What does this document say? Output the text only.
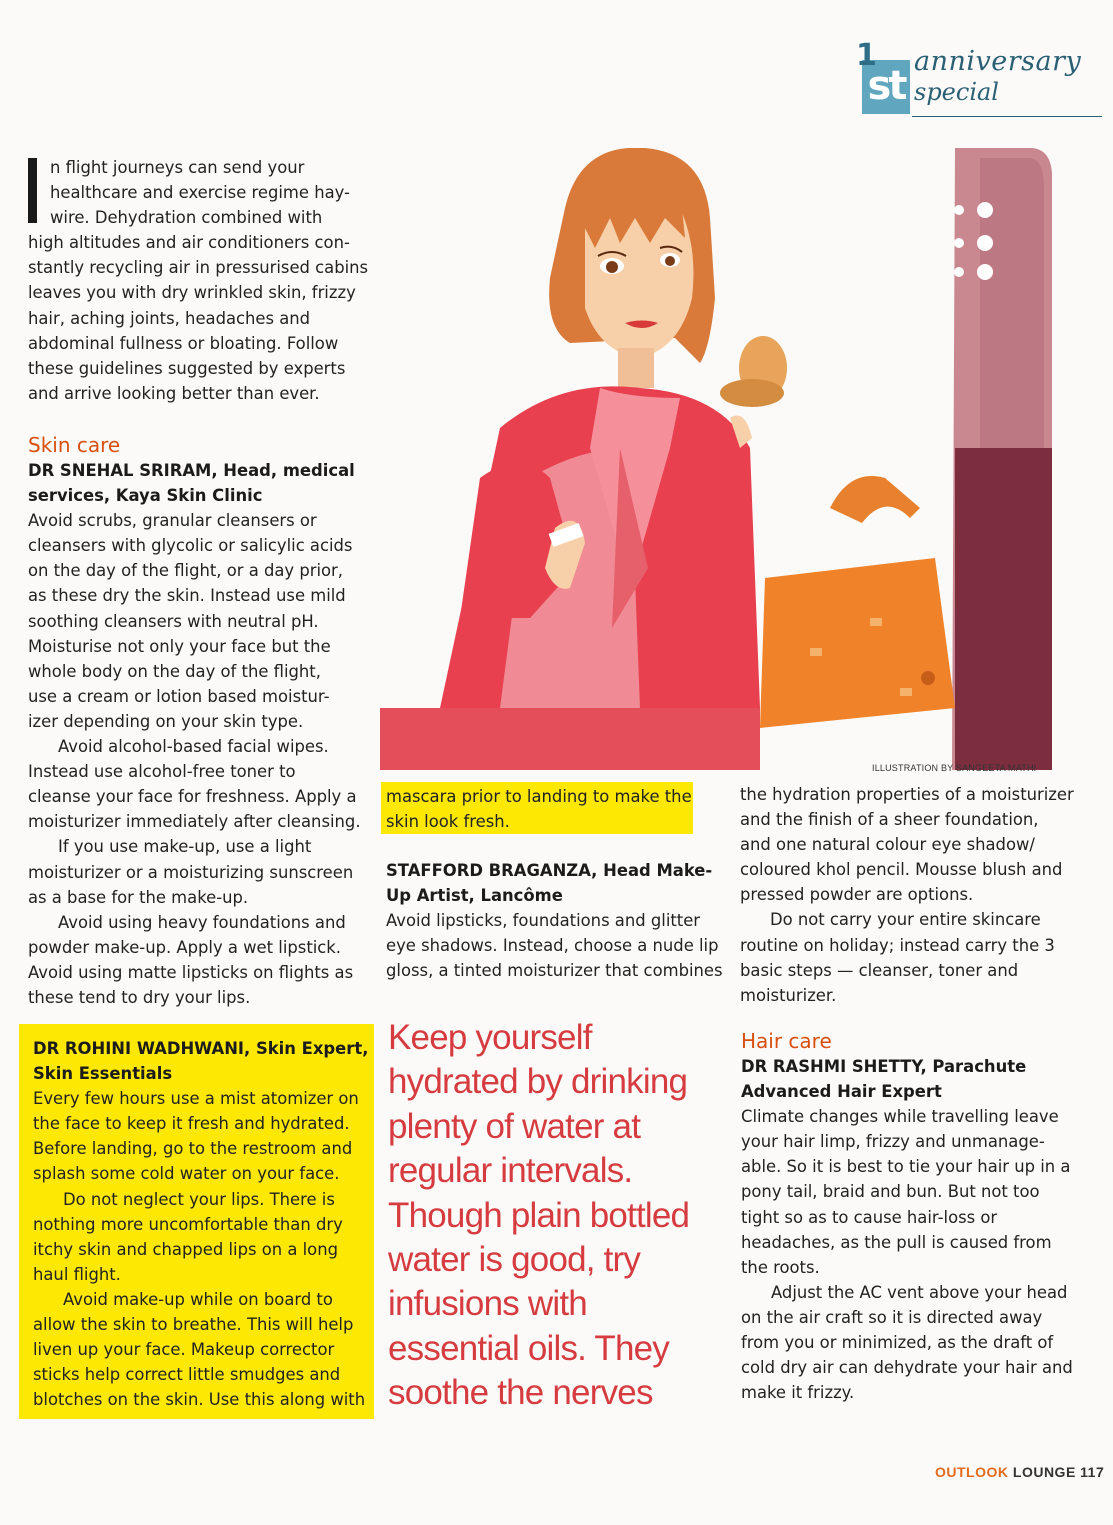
st
1 anniversary
special
ILLUSTRATION BY SANGEETA MATHI
n flight journeys can send your
healthcare and exercise regime hay-
wire. Dehydration combined with
high altitudes and air conditioners con-
stantly recycling air in pressurised cabins
leaves you with dry wrinkled skin, frizzy
hair, aching joints, headaches and
abdominal fullness or bloating. Follow
these guidelines suggested by experts
and arrive looking better than ever.
Skin care
DR SNEHAL SRIRAM, Head, medical
services, Kaya Skin Clinic
Avoid scrubs, granular cleansers or
cleansers with glycolic or salicylic acids
on the day of the flight, or a day prior,
as these dry the skin. Instead use mild
soothing cleansers with neutral pH.
Moisturise not only your face but the
whole body on the day of the flight,
use a cream or lotion based moistur-
izer depending on your skin type.
Avoid alcohol-based facial wipes.
Instead use alcohol-free toner to
cleanse your face for freshness. Apply a
moisturizer immediately after cleansing.
If you use make-up, use a light
moisturizer or a moisturizing sunscreen
as a base for the make-up.
Avoid using heavy foundations and
powder make-up. Apply a wet lipstick.
Avoid using matte lipsticks on flights as
these tend to dry your lips.
DR ROHINI WADHWANI, Skin Expert,
Skin Essentials
Every few hours use a mist atomizer on
the face to keep it fresh and hydrated.
Before landing, go to the restroom and
splash some cold water on your face.
Do not neglect your lips. There is
nothing more uncomfortable than dry
itchy skin and chapped lips on a long
haul flight.
Avoid make-up while on board to
allow the skin to breathe. This will help
liven up your face. Makeup corrector
sticks help correct little smudges and
blotches on the skin. Use this along with
mascara prior to landing to make the
skin look fresh.
STAFFORD BRAGANZA, Head Make-
Up Artist, Lancôme
Avoid lipsticks, foundations and glitter
eye shadows. Instead, choose a nude lip
gloss, a tinted moisturizer that combines
Keep yourself
hydrated by drinking
plenty of water at
regular intervals.
Though plain bottled
water is good, try
infusions with
essential oils. They
soothe the nerves
the hydration properties of a moisturizer
and the finish of a sheer foundation,
and one natural colour eye shadow/
coloured khol pencil. Mousse blush and
pressed powder are options.
Do not carry your entire skincare
routine on holiday; instead carry the 3
basic steps — cleanser, toner and
moisturizer.
Hair care
DR RASHMI SHETTY, Parachute
Advanced Hair Expert
Climate changes while travelling leave
your hair limp, frizzy and unmanage-
able. So it is best to tie your hair up in a
pony tail, braid and bun. But not too
tight so as to cause hair-loss or
headaches, as the pull is caused from
the roots.
Adjust the AC vent above your head
on the air craft so it is directed away
from you or minimized, as the draft of
cold dry air can dehydrate your hair and
make it frizzy.
OUTLOOK LOUNGE 117
